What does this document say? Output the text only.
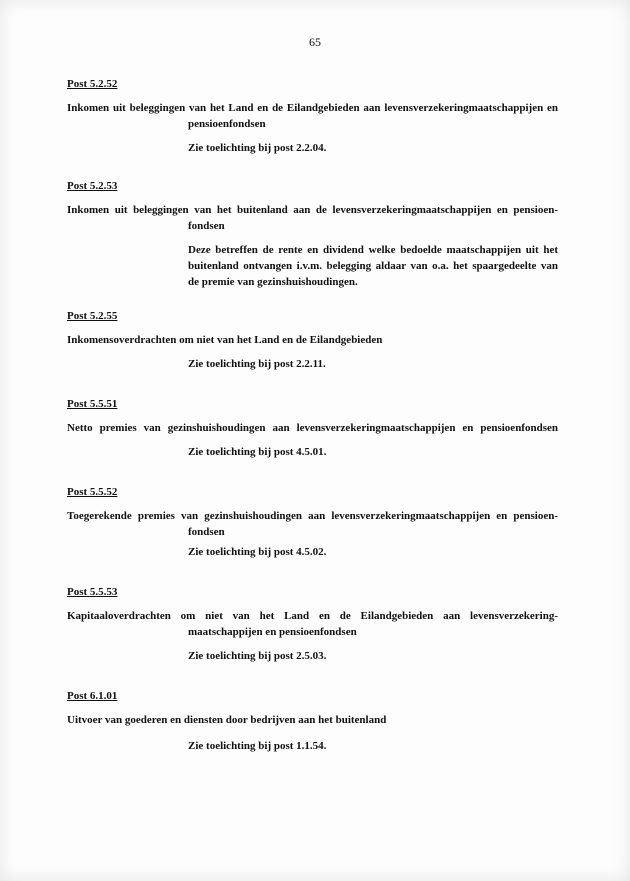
65
Post 5.2.52
Inkomen uit beleggingen van het Land en de Eilandgebieden aan levensverzekeringmaatschappijen en
pensioenfondsen
Zie toelichting bij post 2.2.04.
Post 5.2.53
Inkomen uit beleggingen van het buitenland aan de levensverzekeringmaatschappijen en pensioen-
fondsen
Deze betreffen de rente en dividend welke bedoelde maatschappijen uit het
buitenland ontvangen i.v.m. belegging aldaar van o.a. het spaargedeelte van
de premie van gezinshuishoudingen.
Post 5.2.55
Inkomensoverdrachten om niet van het Land en de Eilandgebieden
Zie toelichting bij post 2.2.11.
Post 5.5.51
Netto premies van gezinshuishoudingen aan levensverzekeringmaatschappijen en pensioenfondsen
Zie toelichting bij post 4.5.01.
Post 5.5.52
Toegerekende premies van gezinshuishoudingen aan levensverzekeringmaatschappijen en pensioen-
fondsen
Zie toelichting bij post 4.5.02.
Post 5.5.53
Kapitaaloverdrachten om niet van het Land en de Eilandgebieden aan levensverzekering-
maatschappijen en pensioenfondsen
Zie toelichting bij post 2.5.03.
Post 6.1.01
Uitvoer van goederen en diensten door bedrijven aan het buitenland
Zie toelichting bij post 1.1.54.
